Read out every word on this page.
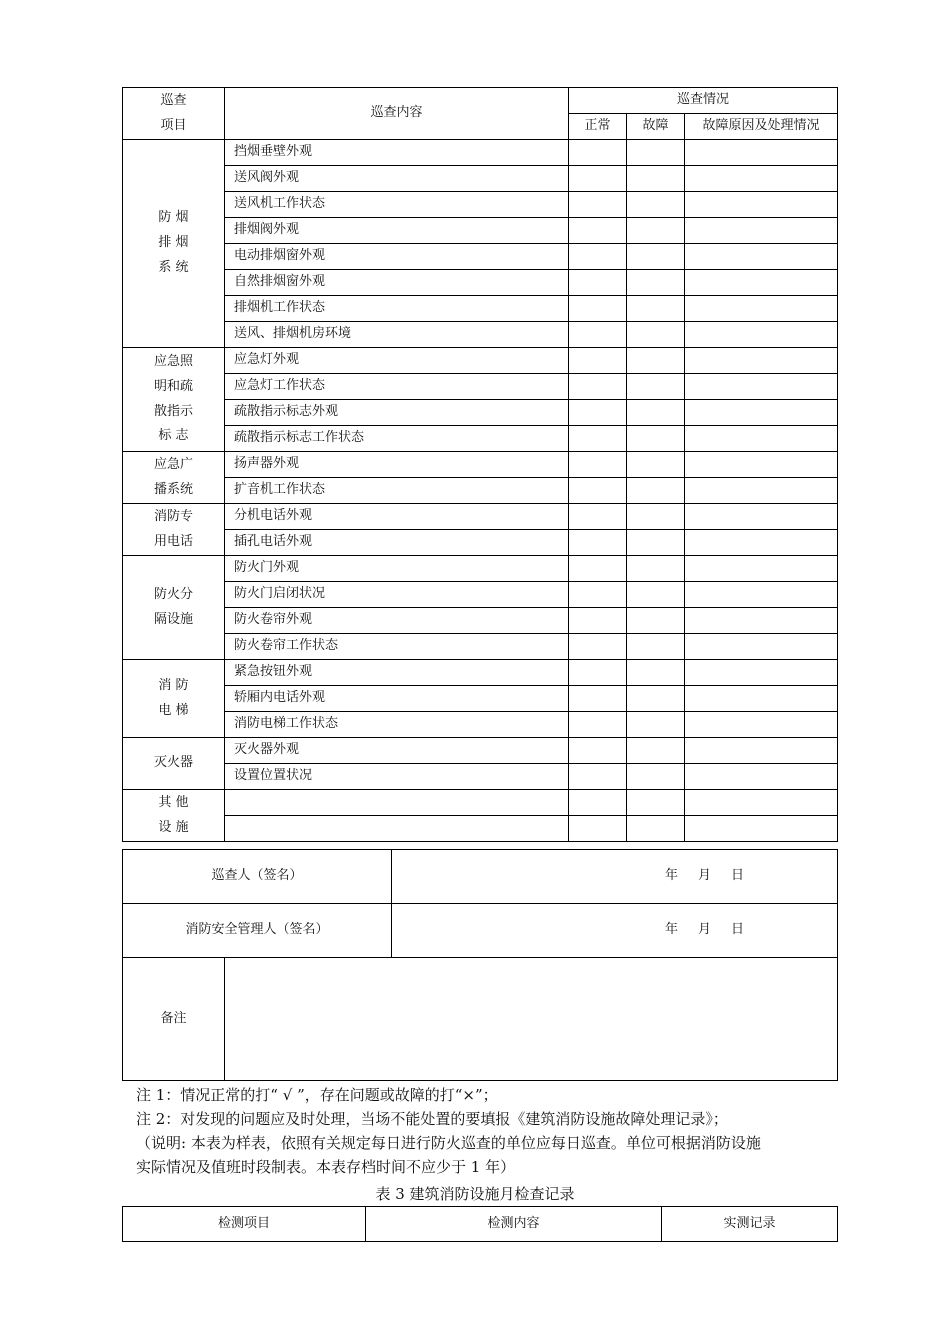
巡查
项目	巡查内容	巡查情况		
		正常	故障	故障原因及处理情况

防 烟
排 烟
系 统	挡烟垂壁外观			
	送风阀外观			
	送风机工作状态			
	排烟阀外观			
	电动排烟窗外观			
	自然排烟窗外观			
	排烟机工作状态			
	送风、排烟机房环境			

应急照
明和疏
散指示
标 志	应急灯外观			
	应急灯工作状态			
	疏散指示标志外观			
	疏散指示标志工作状态			

应急广
播系统	扬声器外观			
	扩音机工作状态			

消防专
用电话	分机电话外观			
	插孔电话外观			

防火分
隔设施	防火门外观			
	防火门启闭状况			
	防火卷帘外观			
	防火卷帘工作状态			

消 防
电 梯	紧急按钮外观			
	轿厢内电话外观			
	消防电梯工作状态			

灭火器	灭火器外观			
	设置位置状况			

其 他
设 施				

巡查人（签名）		年 月 日
消防安全管理人（签名）		年 月 日
备注		
注 1：情况正常的打“ √ ”，存在问题或故障的打“×”；
注 2：对发现的问题应及时处理，当场不能处置的要填报《建筑消防设施故障处理记录》；
（说明: 本表为样表，依照有关规定每日进行防火巡查的单位应每日巡查。单位可根据消防设施
实际情况及值班时段制表。本表存档时间不应少于 1 年）
表 3 建筑消防设施月检查记录
检测项目	检测内容	实测记录
